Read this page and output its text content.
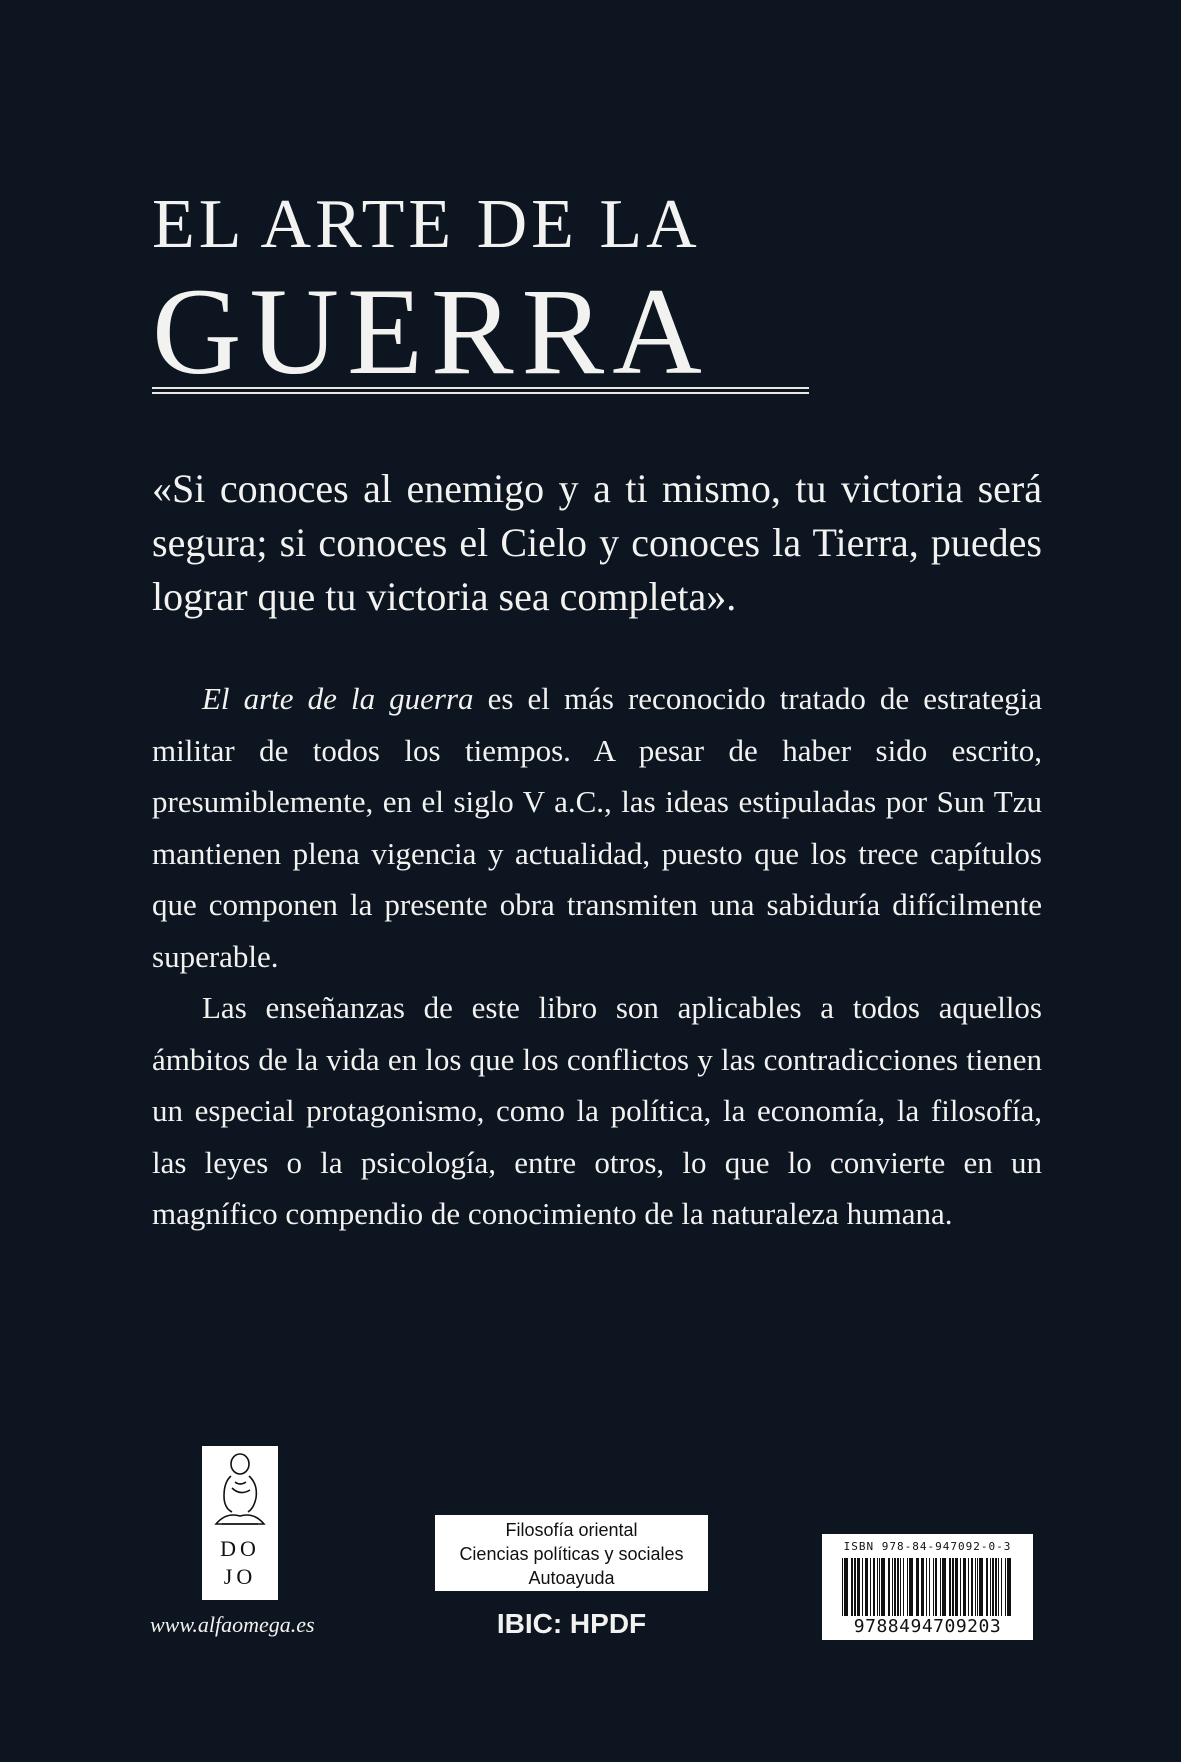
EL ARTE DE LA
GUERRA

«Si conoces al enemigo y a ti mismo, tu victoria será segura; si conoces el Cielo y conoces la Tierra, puedes lograr que tu victoria sea completa».

El arte de la guerra es el más reconocido tratado de estrategia militar de todos los tiempos. A pesar de haber sido escrito, presumiblemente, en el siglo V a.C., las ideas estipuladas por Sun Tzu mantienen plena vigencia y actualidad, puesto que los trece capítulos que componen la presente obra transmiten una sabiduría difícilmente superable.

Las enseñanzas de este libro son aplicables a todos aquellos ámbitos de la vida en los que los conflictos y las contradicciones tienen un especial protagonismo, como la política, la economía, la filosofía, las leyes o la psicología, entre otros, lo que lo convierte en un magnífico compendio de conocimiento de la naturaleza humana.

DO
JO
www.alfaomega.es
Filosofía oriental
Ciencias políticas y sociales
Autoayuda
IBIC: HPDF
ISBN 978-84-947092-0-3
9788494709203
